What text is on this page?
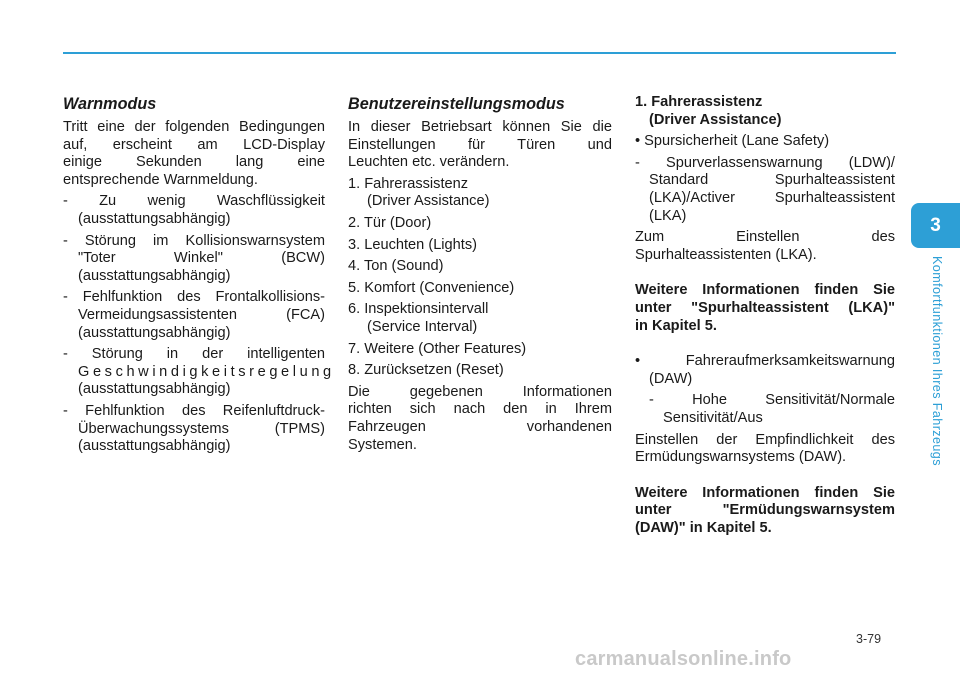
Warnmodus
Tritt eine der folgenden Bedingungen
auf, erscheint am LCD-Display
einige Sekunden lang eine
entsprechende Warnmeldung.
- Zu wenig Waschflüssigkeit
(ausstattungsabhängig)
- Störung im Kollisionswarnsystem
"Toter Winkel" (BCW)
(ausstattungsabhängig)
- Fehlfunktion des Frontalkollisions-
Vermeidungsassistenten (FCA)
(ausstattungsabhängig)
- Störung in der intelligenten
Geschwindigkeitsregelung
(ausstattungsabhängig)
- Fehlfunktion des Reifenluftdruck-
Überwachungssystems (TPMS)
(ausstattungsabhängig)
Benutzereinstellungsmodus
In dieser Betriebsart können Sie die
Einstellungen für Türen und
Leuchten etc. verändern.
1. Fahrerassistenz
(Driver Assistance)
2. Tür (Door)
3. Leuchten (Lights)
4. Ton (Sound)
5. Komfort (Convenience)
6. Inspektionsintervall
(Service Interval)
7. Weitere (Other Features)
8. Zurücksetzen (Reset)
Die gegebenen Informationen
richten sich nach den in Ihrem
Fahrzeugen vorhandenen
Systemen.
1. Fahrerassistenz
(Driver Assistance)
• Spursicherheit (Lane Safety)
- Spurverlassenswarnung (LDW)/
Standard Spurhalteassistent
(LKA)/Activer Spurhalteassistent
(LKA)
Zum Einstellen des
Spurhalteassistenten (LKA).
Weitere Informationen finden Sie
unter "Spurhalteassistent (LKA)"
in Kapitel 5.
• Fahreraufmerksamkeitswarnung
(DAW)
- Hohe Sensitivität/Normale
Sensitivität/Aus
Einstellen der Empfindlichkeit des
Ermüdungswarnsystems (DAW).
Weitere Informationen finden Sie
unter "Ermüdungswarnsystem
(DAW)" in Kapitel 5.
3
Komfortfunktionen Ihres Fahrzeugs
3-79
carmanualsonline.info
